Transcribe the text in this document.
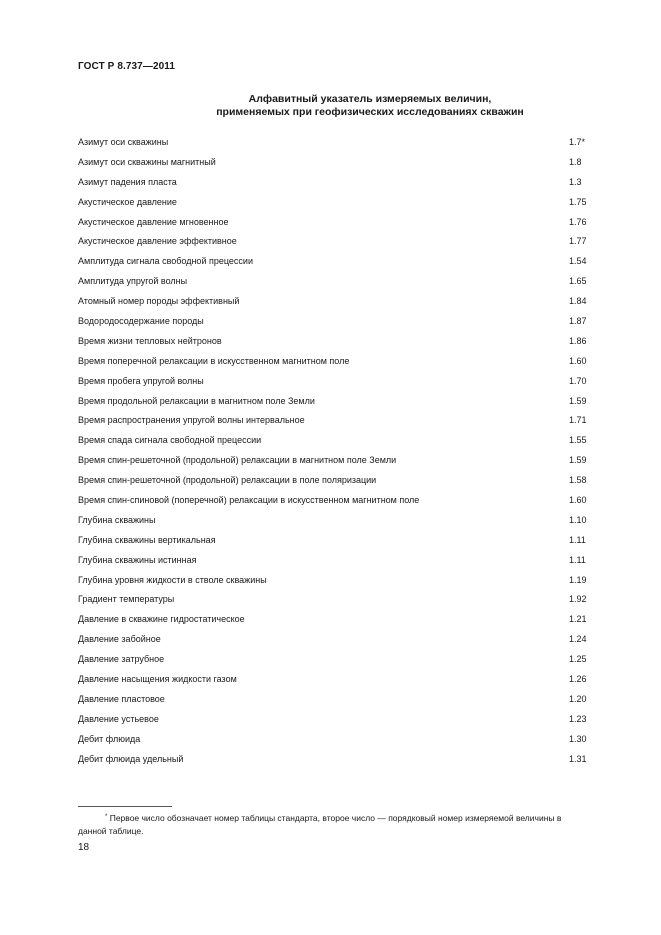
ГОСТ Р 8.737—2011
Алфавитный указатель измеряемых величин,
применяемых при геофизических исследованиях скважин
Азимут оси скважины	1.7*
Азимут оси скважины магнитный	1.8
Азимут падения пласта	1.3
Акустическое давление	1.75
Акустическое давление мгновенное	1.76
Акустическое давление эффективное	1.77
Амплитуда сигнала свободной прецессии	1.54
Амплитуда упругой волны	1.65
Атомный номер породы эффективный	1.84
Водородосодержание породы	1.87
Время жизни тепловых нейтронов	1.86
Время поперечной релаксации в искусственном магнитном поле	1.60
Время пробега упругой волны	1.70
Время продольной релаксации в магнитном поле Земли	1.59
Время распространения упругой волны интервальное	1.71
Время спада сигнала свободной прецессии	1.55
Время спин-решеточной (продольной) релаксации в магнитном поле Земли	1.59
Время спин-решеточной (продольной) релаксации в поле поляризации	1.58
Время спин-спиновой (поперечной) релаксации в искусственном магнитном поле	1.60
Глубина скважины	1.10
Глубина скважины вертикальная	1.11
Глубина скважины истинная	1.11
Глубина уровня жидкости в стволе скважины	1.19
Градиент температуры	1.92
Давление в скважине гидростатическое	1.21
Давление забойное	1.24
Давление затрубное	1.25
Давление насыщения жидкости газом	1.26
Давление пластовое	1.20
Давление устьевое	1.23
Дебит флюида	1.30
Дебит флюида удельный	1.31
* Первое число обозначает номер таблицы стандарта, второе число — порядковый номер измеряемой величины в данной таблице.
18
